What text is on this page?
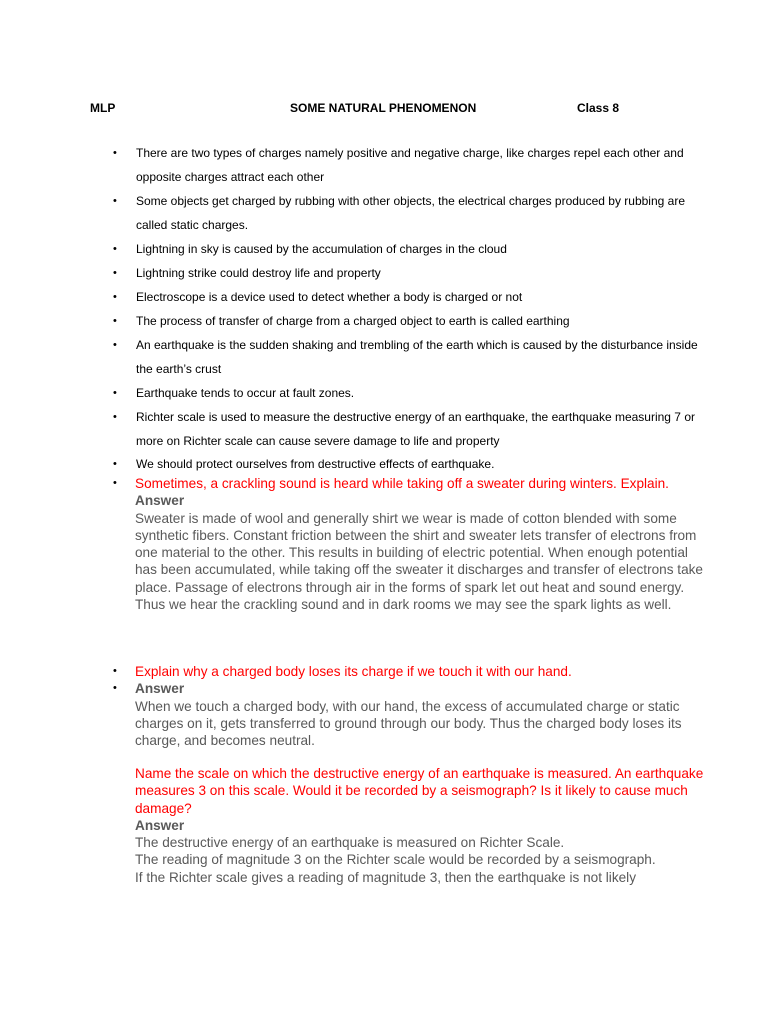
MLP	SOME NATURAL PHENOMENON	Class 8
• There are two types of charges namely positive and negative charge, like charges repel each other and opposite charges attract each other
• Some objects get charged by rubbing with other objects, the electrical charges produced by rubbing are called static charges.
• Lightning in sky is caused by the accumulation of charges in the cloud
• Lightning strike could destroy life and property
• Electroscope is a device used to detect whether a body is charged or not
• The process of transfer of charge from a charged object to earth is called earthing
• An earthquake is the sudden shaking and trembling of the earth which is caused by the disturbance inside the earth’s crust
• Earthquake tends to occur at fault zones.
• Richter scale is used to measure the destructive energy of an earthquake, the earthquake measuring 7 or more on Richter scale can cause severe damage to life and property
• We should protect ourselves from destructive effects of earthquake.
• Sometimes, a crackling sound is heard while taking off a sweater during winters. Explain.
Answer
Sweater is made of wool and generally shirt we wear is made of cotton blended with some synthetic fibers. Constant friction between the shirt and sweater lets transfer of electrons from one material to the other. This results in building of electric potential. When enough potential has been accumulated, while taking off the sweater it discharges and transfer of electrons take place. Passage of electrons through air in the forms of spark let out heat and sound energy. Thus we hear the crackling sound and in dark rooms we may see the spark lights as well.
• Explain why a charged body loses its charge if we touch it with our hand.
• Answer
When we touch a charged body, with our hand, the excess of accumulated charge or static charges on it, gets transferred to ground through our body. Thus the charged body loses its charge, and becomes neutral.
Name the scale on which the destructive energy of an earthquake is measured. An earthquake measures 3 on this scale. Would it be recorded by a seismograph? Is it likely to cause much damage?
Answer
The destructive energy of an earthquake is measured on Richter Scale.
The reading of magnitude 3 on the Richter scale would be recorded by a seismograph.
If the Richter scale gives a reading of magnitude 3, then the earthquake is not likely
